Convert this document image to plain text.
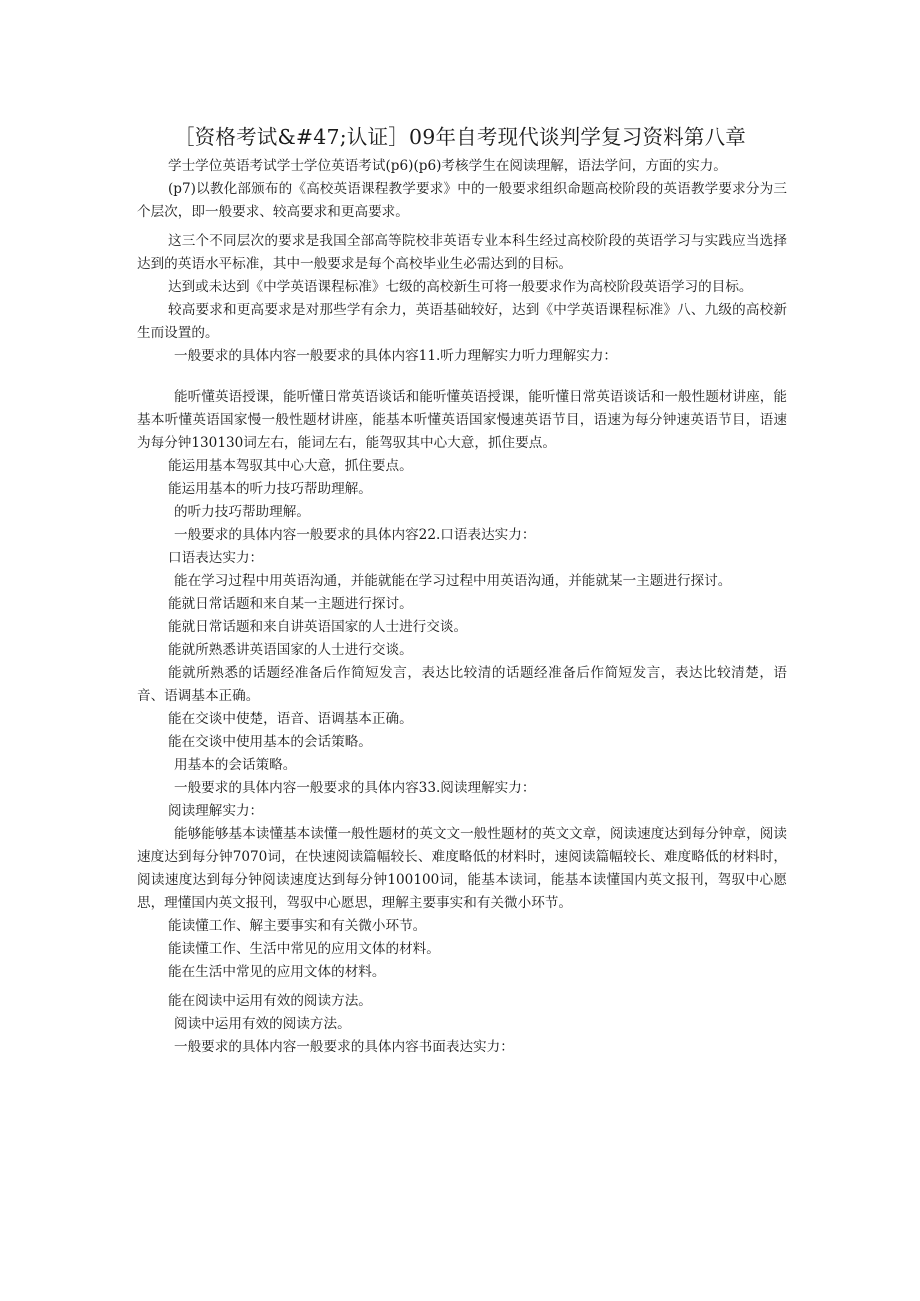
［资格考试&#47;认证］09年自考现代谈判学复习资料第八章

学士学位英语考试学士学位英语考试(p6)(p6)考核学生在阅读理解，语法学问，方面的实力。

(p7)以教化部颁布的《高校英语课程教学要求》中的一般要求组织命题高校阶段的英语教学要求分为三个层次，即一般要求、较高要求和更高要求。

这三个不同层次的要求是我国全部高等院校非英语专业本科生经过高校阶段的英语学习与实践应当选择达到的英语水平标准，其中一般要求是每个高校毕业生必需达到的目标。

达到或未达到《中学英语课程标准》七级的高校新生可将一般要求作为高校阶段英语学习的目标。

较高要求和更高要求是对那些学有余力，英语基础较好，达到《中学英语课程标准》八、九级的高校新生而设置的。

一般要求的具体内容一般要求的具体内容11.听力理解实力听力理解实力：

能听懂英语授课，能听懂日常英语谈话和能听懂英语授课，能听懂日常英语谈话和一般性题材讲座，能基本听懂英语国家慢一般性题材讲座，能基本听懂英语国家慢速英语节目，语速为每分钟速英语节目，语速为每分钟130130词左右，能词左右，能驾驭其中心大意，抓住要点。

能运用基本驾驭其中心大意，抓住要点。

能运用基本的听力技巧帮助理解。

的听力技巧帮助理解。

一般要求的具体内容一般要求的具体内容22.口语表达实力：

口语表达实力：

能在学习过程中用英语沟通，并能就能在学习过程中用英语沟通，并能就某一主题进行探讨。

能就日常话题和来自某一主题进行探讨。

能就日常话题和来自讲英语国家的人士进行交谈。

能就所熟悉讲英语国家的人士进行交谈。

能就所熟悉的话题经准备后作简短发言，表达比较清的话题经准备后作简短发言，表达比较清楚，语音、语调基本正确。

能在交谈中使楚，语音、语调基本正确。

能在交谈中使用基本的会话策略。

用基本的会话策略。

一般要求的具体内容一般要求的具体内容33.阅读理解实力：

阅读理解实力：

能够能够基本读懂基本读懂一般性题材的英文文一般性题材的英文文章，阅读速度达到每分钟章，阅读速度达到每分钟7070词，在快速阅读篇幅较长、难度略低的材料时，速阅读篇幅较长、难度略低的材料时，阅读速度达到每分钟阅读速度达到每分钟100100词，能基本读词，能基本读懂国内英文报刊，驾驭中心愿思，理懂国内英文报刊，驾驭中心愿思，理解主要事实和有关微小环节。

能读懂工作、解主要事实和有关微小环节。

能读懂工作、生活中常见的应用文体的材料。

能在生活中常见的应用文体的材料。

能在阅读中运用有效的阅读方法。

阅读中运用有效的阅读方法。

一般要求的具体内容一般要求的具体内容书面表达实力：
